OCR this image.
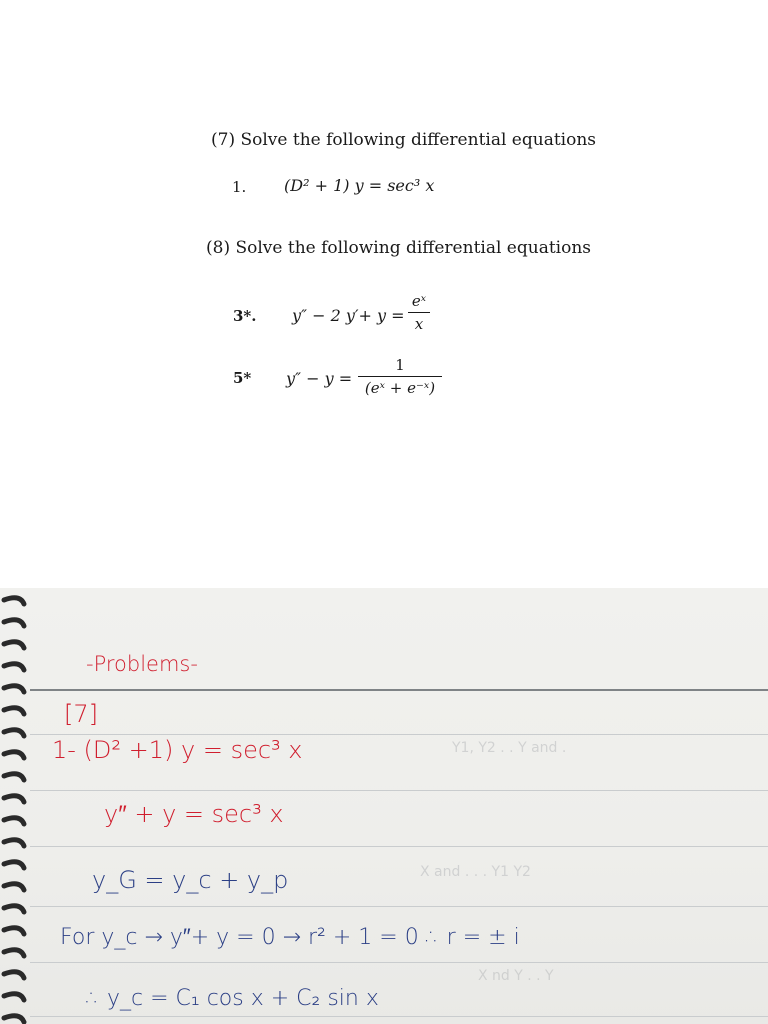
(7) Solve the following differential equations
1. (D² + 1) y = sec³ x
(8) Solve the following differential equations
3*. y″ − 2 y′+ y =
eˣ
x
5* y″ − y =
1
(eˣ + e⁻ˣ)
Y1, Y2 . . Y and .
X and . . . Y1 Y2
X nd Y . . Y
-Problems-
[7]
1- (D² +1) y = sec³ x
y″ + y = sec³ x
y_G = y_c + y_p
For y_c → y″+ y = 0 → r² + 1 = 0 ∴ r = ± i
∴ y_c = C₁ cos x + C₂ sin x
